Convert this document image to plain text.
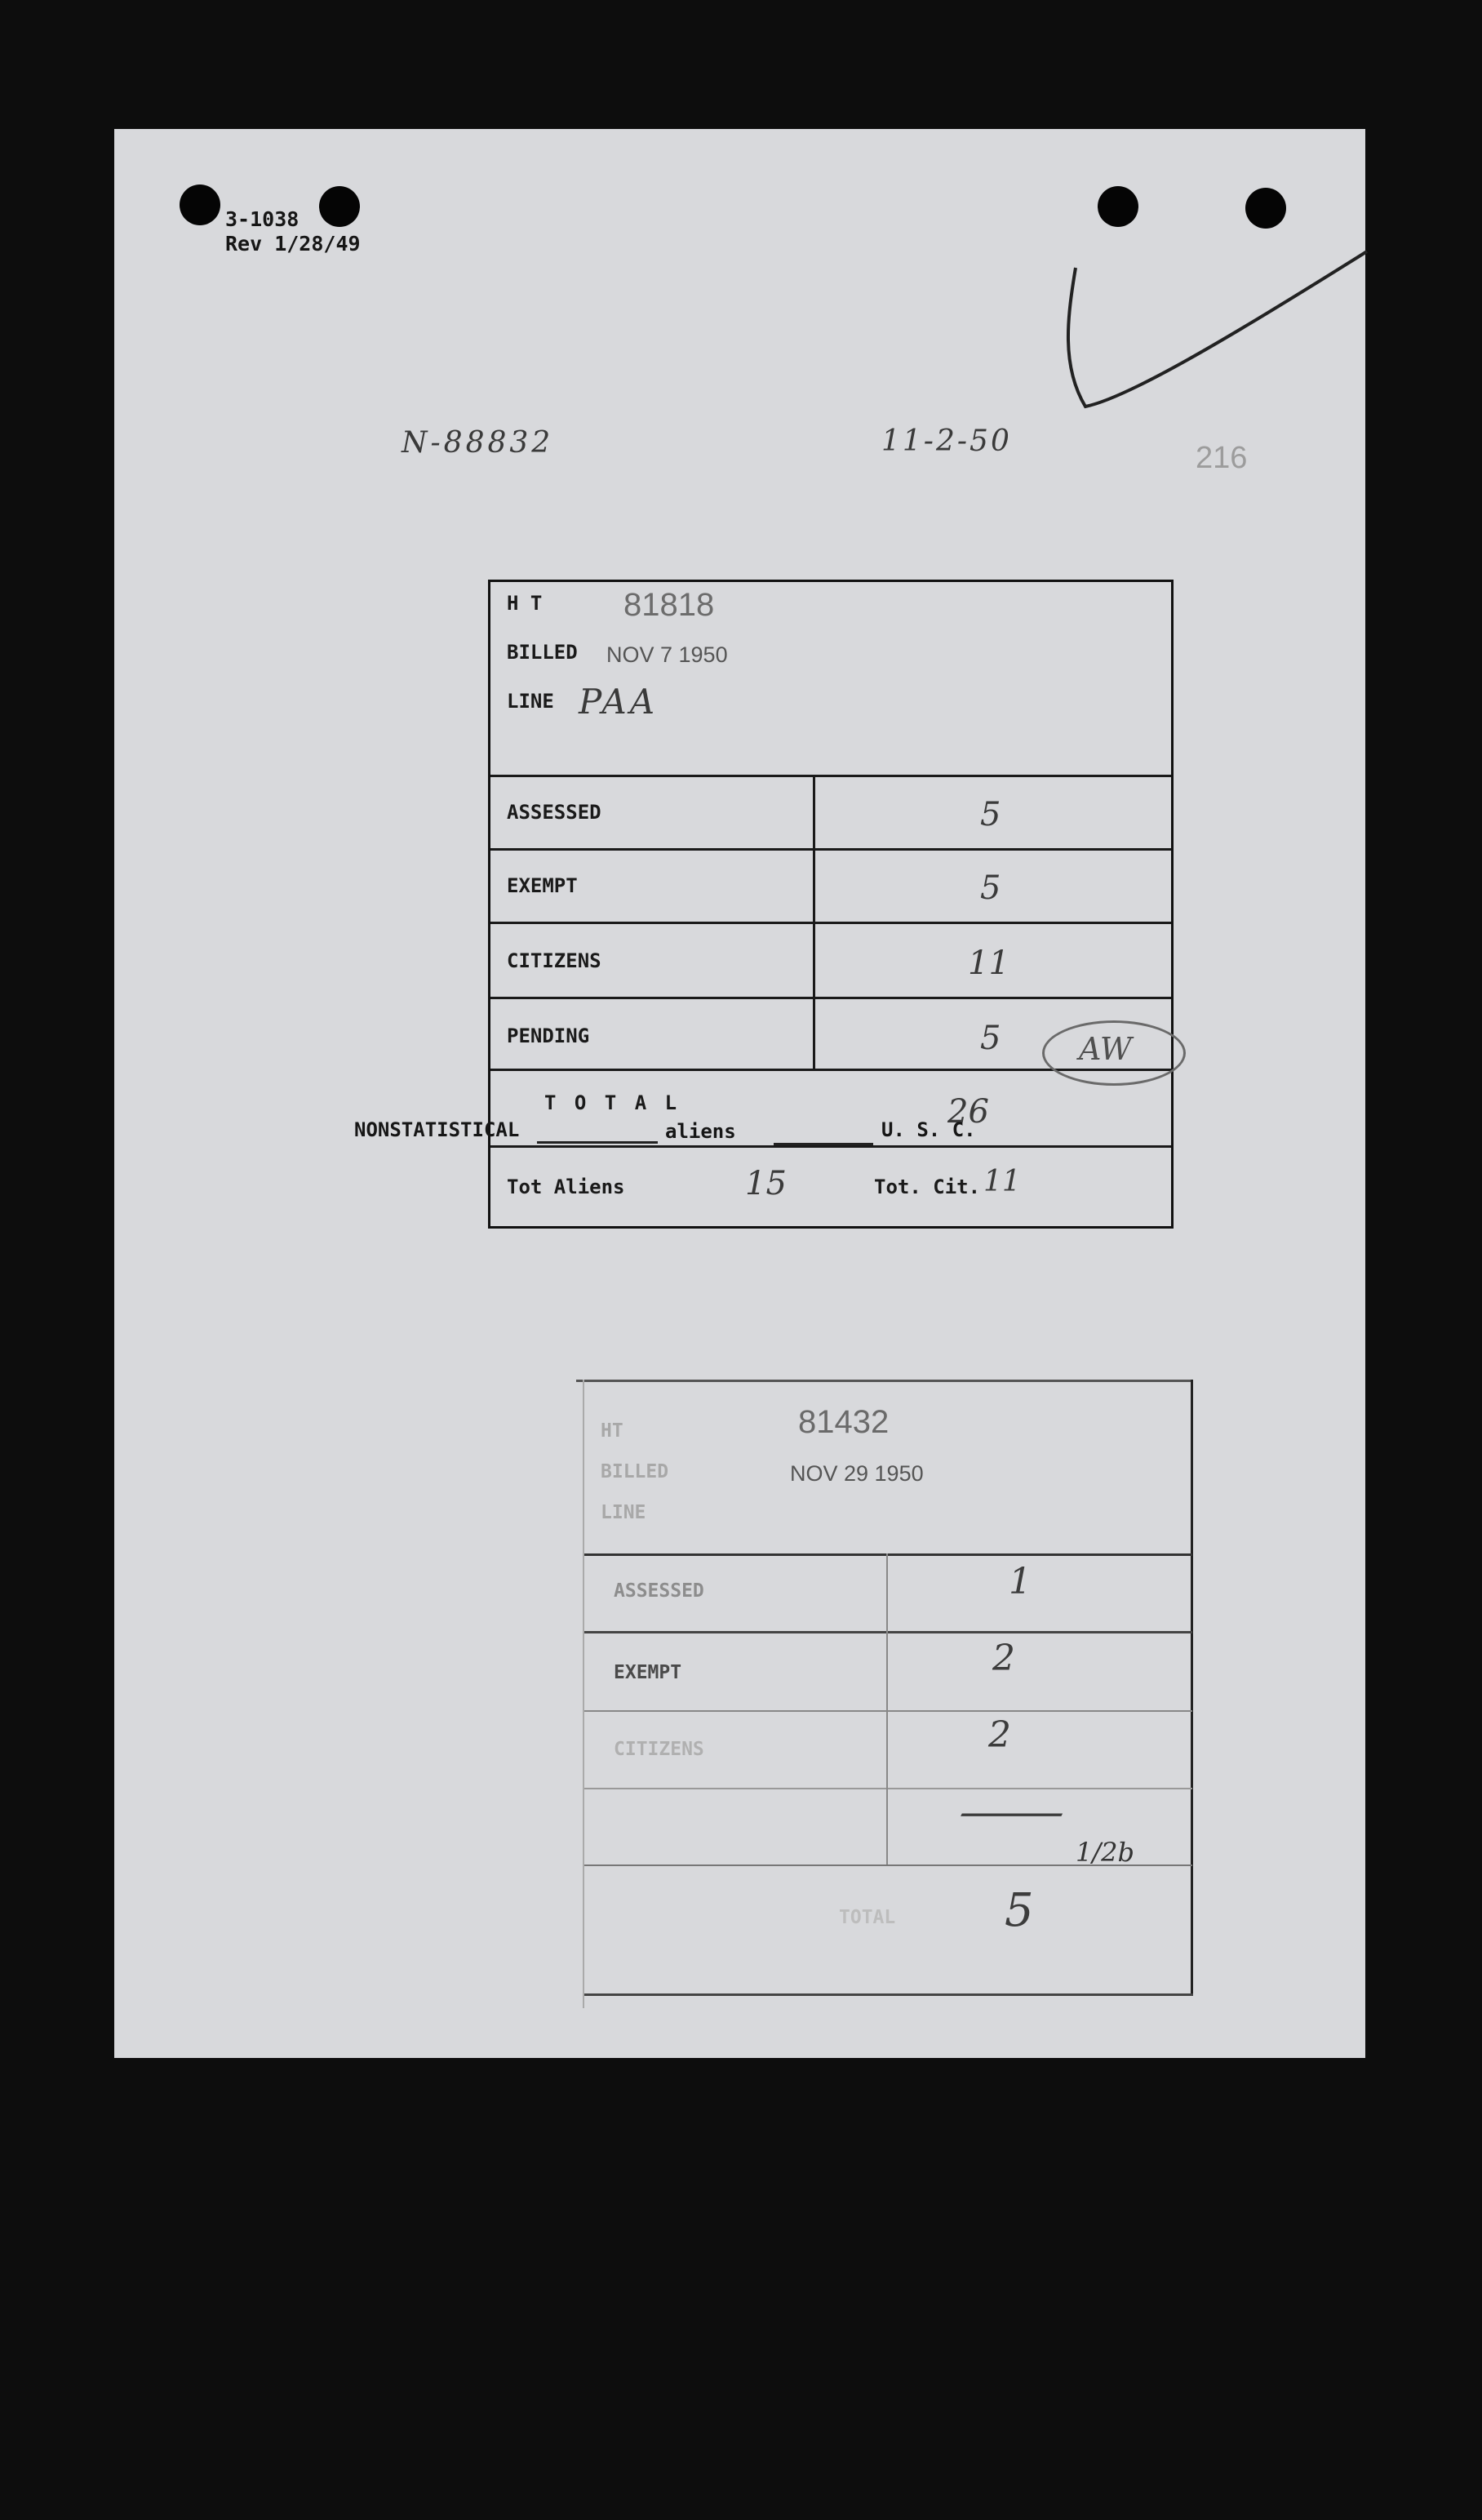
3-1038
Rev 1/28/49
N-88832	11-2-50	216
H T 81818
BILLED NOV 7 1950
LINE PAA
ASSESSED	5
EXEMPT	5
CITIZENS	11
PENDING	5
T O T A L	26
Tot Aliens	15	Tot. Cit. 11
AW
NONSTATISTICAL	aliens	U. S. C.
HT	81432
BILLED	NOV 29 1950
LINE
ASSESSED	1
EXEMPT	2
CITIZENS	2
—
TOTAL 5
1/2b
